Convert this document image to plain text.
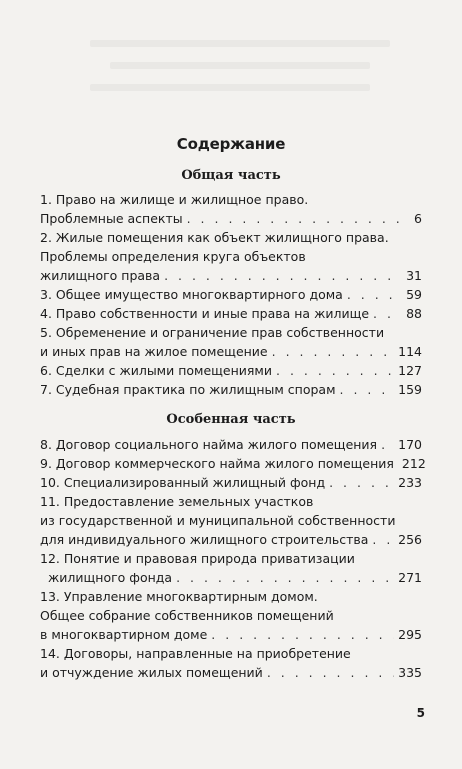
Содержание
Общая часть
1. Право на жилище и жилищное право.
Проблемные аспекты . . .	6
2. Жилые помещения как объект жилищного права.
Проблемы определения круга объектов
жилищного права . . .	31
3. Общее имущество многоквартирного дома . . .	59
4. Право собственности и иные права на жилище . . .	88
5. Обременение и ограничение прав собственности
и иных прав на жилое помещение . . .	114
6. Сделки с жилыми помещениями . . .	127
7. Судебная практика по жилищным спорам . . .	159
Особенная часть
8. Договор социального найма жилого помещения . . . 170
9. Договор коммерческого найма жилого помещения 212
10. Специализированный жилищный фонд . . .	233
11. Предоставление земельных участков
из государственной и муниципальной собственности
для индивидуального жилищного строительства . . . 256
12. Понятие и правовая природа приватизации
жилищного фонда . . .	271
13. Управление многоквартирным домом.
Общее собрание собственников помещений
в многоквартирном доме . . .	295
14. Договоры, направленные на приобретение
и отчуждение жилых помещений . . .	335
5
